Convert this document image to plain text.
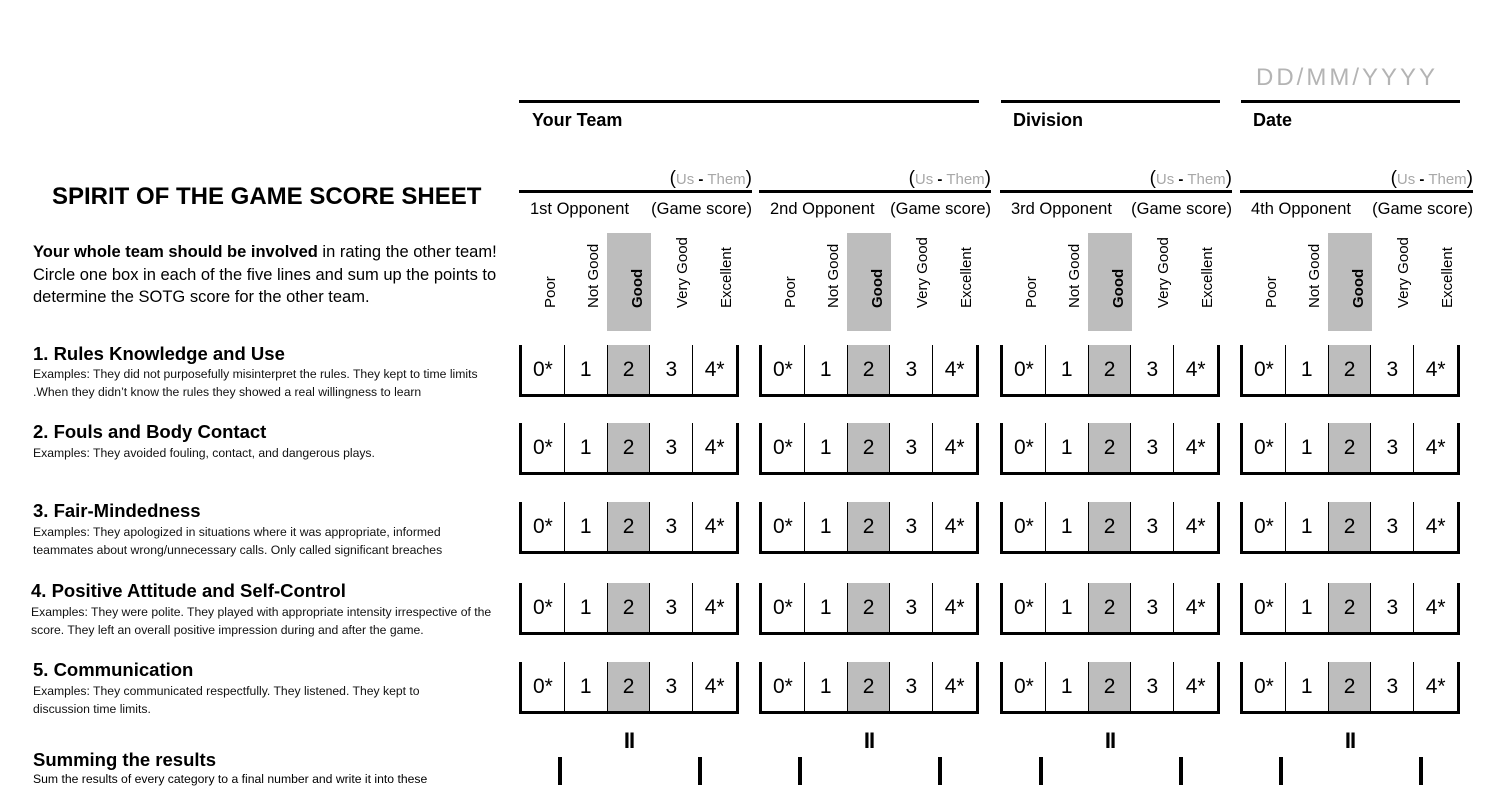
DD/MM/YYYY
Your Team	Division	Date
SPIRIT OF THE GAME SCORE SHEET
Your whole team should be involved in rating the other team! Circle one box in each of the five lines and sum up the points to determine the SOTG score for the other team.
1. Rules Knowledge and Use
Examples: They did not purposefully misinterpret the rules. They kept to time limits .When they didn’t know the rules they showed a real willingness to learn
2. Fouls and Body Contact
Examples: They avoided fouling, contact, and dangerous plays.
3. Fair-Mindedness
Examples: They apologized in situations where it was appropriate, informed teammates about wrong/unnecessary calls. Only called significant breaches
4. Positive Attitude and Self-Control
Examples: They were polite. They played with appropriate intensity irrespective of the score. They left an overall positive impression during and after the game.
5. Communication
Examples: They communicated respectfully. They listened. They kept to discussion time limits.
Summing the results
Sum the results of every category to a final number and write it into these
(Us - Them)
1st Opponent (Game score)
Poor Not Good Good Very Good Excellent
0*	1	2	3	4*
0*	1	2	3	4*
0*	1	2	3	4*
0*	1	2	3	4*
0*	1	2	3	4*
II
(Us - Them)
2nd Opponent (Game score)
Poor Not Good Good Very Good Excellent
0*	1	2	3	4*
0*	1	2	3	4*
0*	1	2	3	4*
0*	1	2	3	4*
0*	1	2	3	4*
II
(Us - Them)
3rd Opponent (Game score)
Poor Not Good Good Very Good Excellent
0*	1	2	3	4*
0*	1	2	3	4*
0*	1	2	3	4*
0*	1	2	3	4*
0*	1	2	3	4*
II
(Us - Them)
4th Opponent (Game score)
Poor Not Good Good Very Good Excellent
0*	1	2	3	4*
0*	1	2	3	4*
0*	1	2	3	4*
0*	1	2	3	4*
0*	1	2	3	4*
II
